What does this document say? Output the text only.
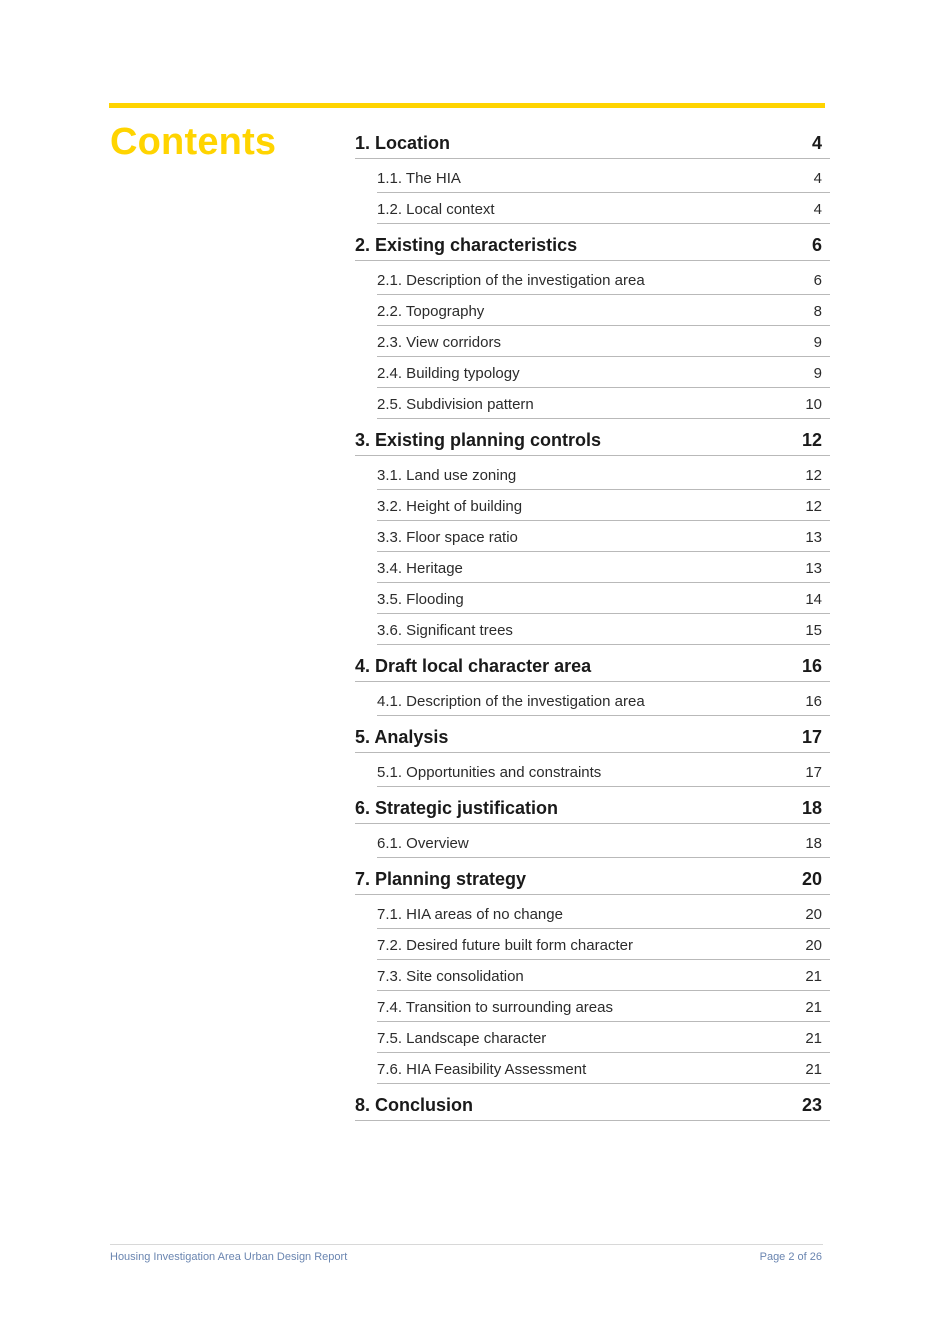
Contents	1. Location	4
1.1. The HIA	4
1.2. Local context	4
2. Existing characteristics	6
2.1. Description of the investigation area	6
2.2. Topography	8
2.3. View corridors	9
2.4. Building typology	9
2.5. Subdivision pattern	10
3. Existing planning controls	12
3.1. Land use zoning	12
3.2. Height of building	12
3.3. Floor space ratio	13
3.4. Heritage	13
3.5. Flooding	14
3.6. Significant trees	15
4. Draft local character area	16
4.1. Description of the investigation area	16
5. Analysis	17
5.1. Opportunities and constraints	17
6. Strategic justification	18
6.1. Overview	18
7. Planning strategy	20
7.1. HIA areas of no change	20
7.2. Desired future built form character	20
7.3. Site consolidation	21
7.4. Transition to surrounding areas	21
7.5. Landscape character	21
7.6. HIA Feasibility Assessment	21
8. Conclusion	23
Housing Investigation Area Urban Design Report	Page 2 of 26
